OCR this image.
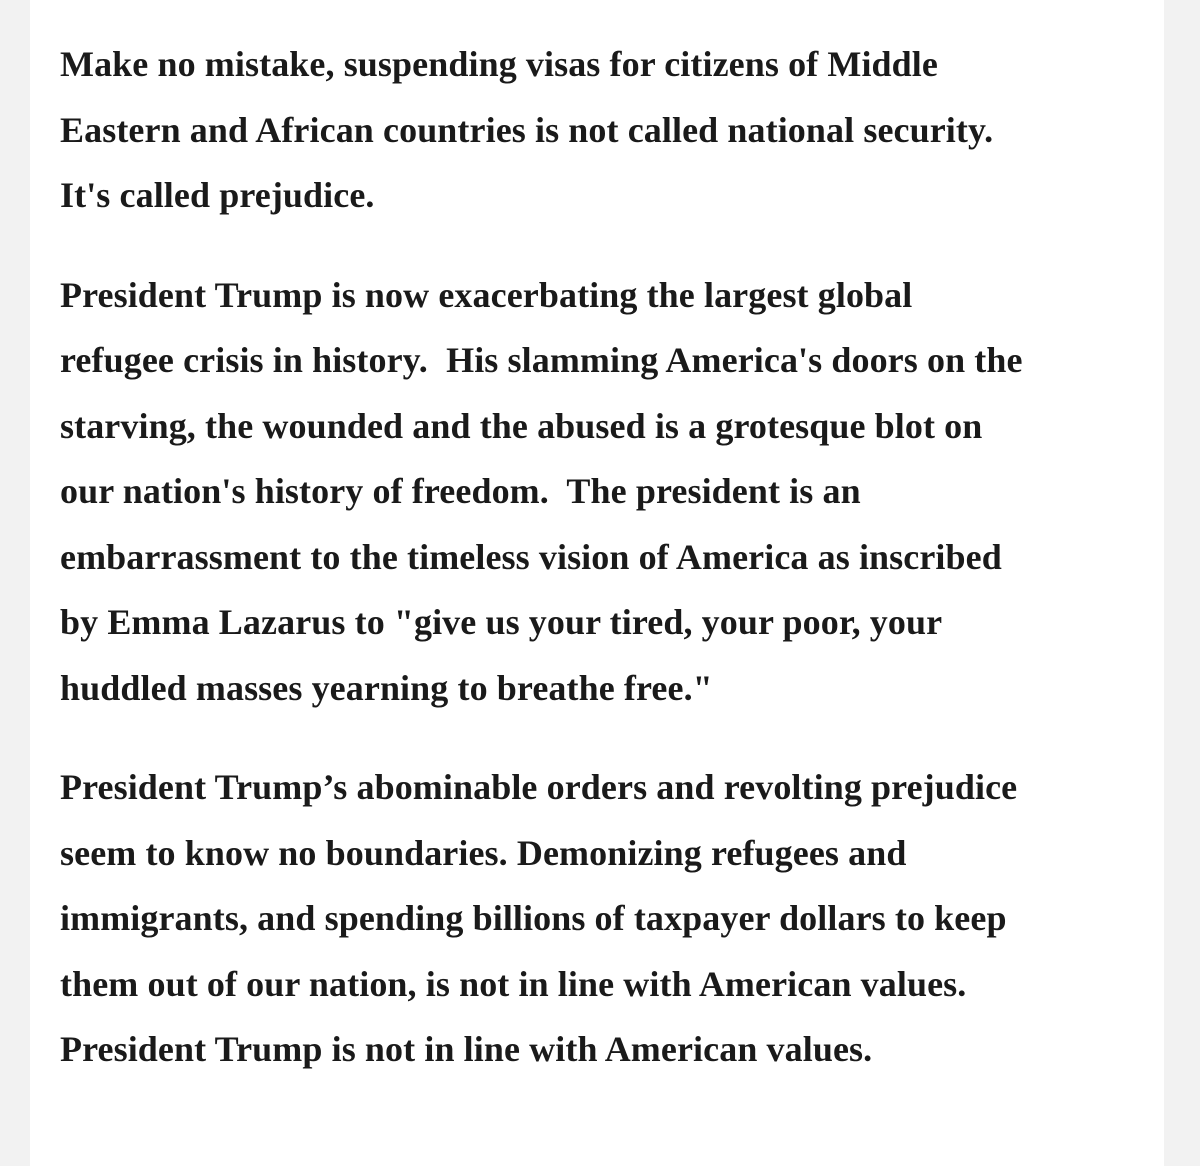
Make no mistake, suspending visas for citizens of Middle
Eastern and African countries is not called national security.
It's called prejudice.

President Trump is now exacerbating the largest global
refugee crisis in history.  His slamming America's doors on the
starving, the wounded and the abused is a grotesque blot on
our nation's history of freedom.  The president is an
embarrassment to the timeless vision of America as inscribed
by Emma Lazarus to "give us your tired, your poor, your
huddled masses yearning to breathe free."

President Trump’s abominable orders and revolting prejudice
seem to know no boundaries. Demonizing refugees and
immigrants, and spending billions of taxpayer dollars to keep
them out of our nation, is not in line with American values.
President Trump is not in line with American values.
